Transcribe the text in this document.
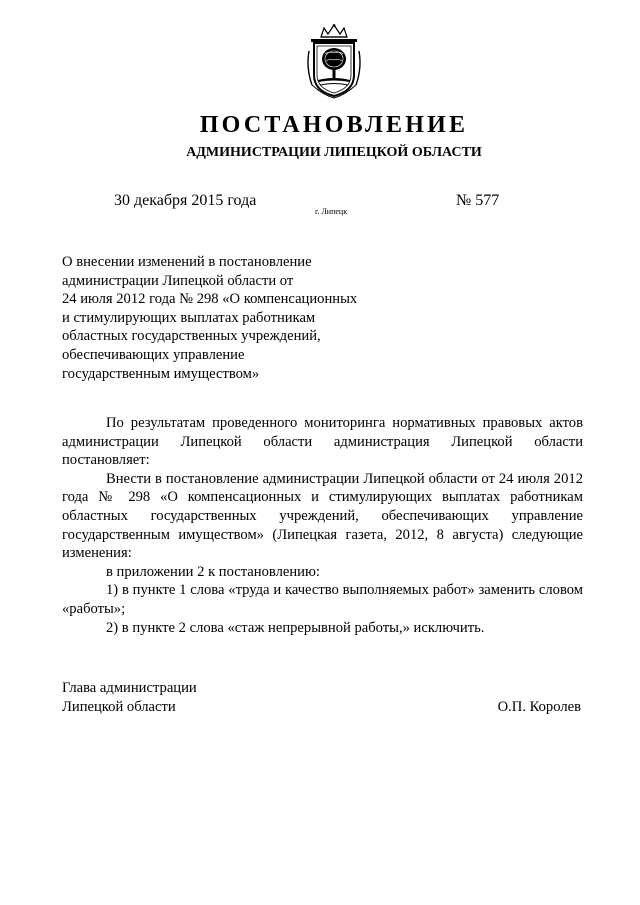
ПОСТАНОВЛЕНИЕ
АДМИНИСТРАЦИИ ЛИПЕЦКОЙ ОБЛАСТИ
30 декабря 2015 года
г. Липецк
№ 577
О внесении изменений в постановление
администрации Липецкой области от
24 июля 2012 года № 298 «О компенсационных
и стимулирующих выплатах работникам
областных государственных учреждений,
обеспечивающих управление
государственным имуществом»

По результатам проведенного мониторинга нормативных правовых актов администрации Липецкой области администрация Липецкой области постановляет:

Внести в постановление администрации Липецкой области от 24 июля 2012 года № 298 «О компенсационных и стимулирующих выплатах работникам областных государственных учреждений, обеспечивающих управление государственным имуществом» (Липецкая газета, 2012, 8 августа) следующие изменения:

в приложении 2 к постановлению:

1) в пункте 1 слова «труда и качество выполняемых работ» заменить словом «работы»;

2) в пункте 2 слова «стаж непрерывной работы,» исключить.

Глава администрации
Липецкой области	О.П. Королев
